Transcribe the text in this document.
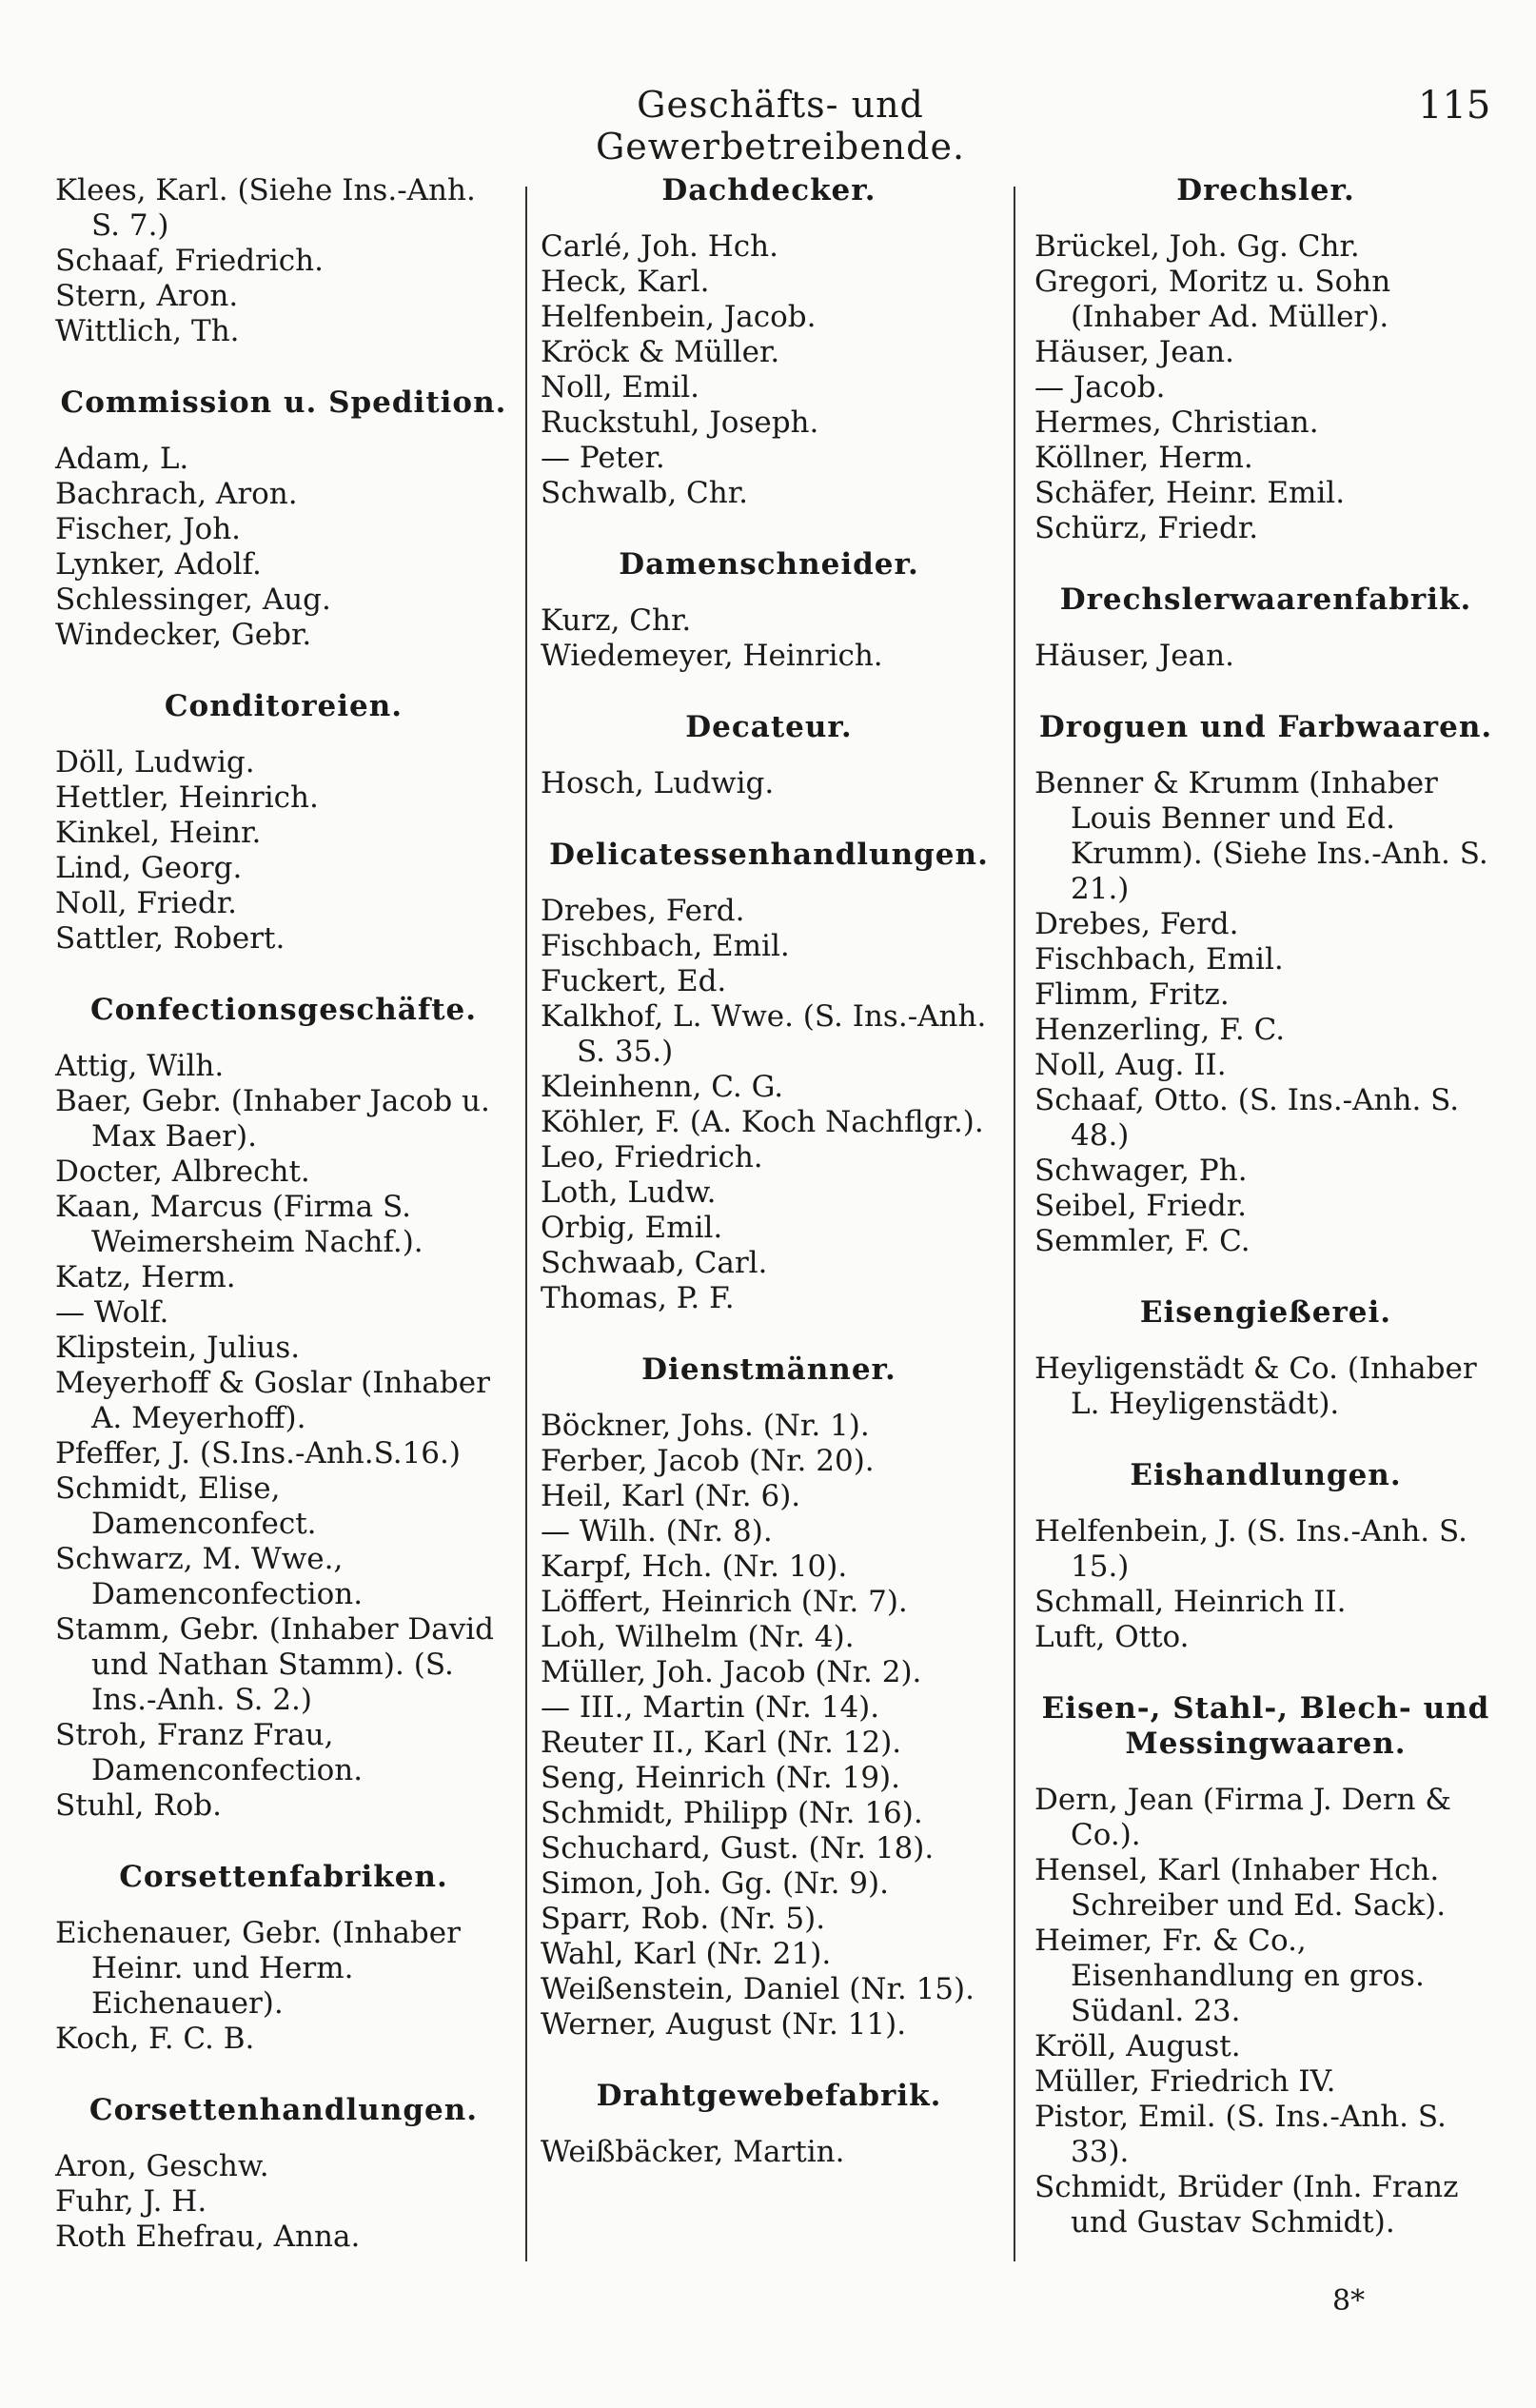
Geschäfts- und Gewerbetreibende.
115
Klees, Karl. (Siehe Ins.-Anh. S. 7.)
Schaaf, Friedrich.
Stern, Aron.
Wittlich, Th.
Commission u. Spedition.
Adam, L.
Bachrach, Aron.
Fischer, Joh.
Lynker, Adolf.
Schlessinger, Aug.
Windecker, Gebr.
Conditoreien.
Döll, Ludwig.
Hettler, Heinrich.
Kinkel, Heinr.
Lind, Georg.
Noll, Friedr.
Sattler, Robert.
Confectionsgeschäfte.
Attig, Wilh.
Baer, Gebr. (Inhaber Jacob u. Max Baer).
Docter, Albrecht.
Kaan, Marcus (Firma S. Weimersheim Nachf.).
Katz, Herm.
— Wolf.
Klipstein, Julius.
Meyerhoff & Goslar (Inhaber A. Meyerhoff).
Pfeffer, J. (S.Ins.-Anh.S.16.)
Schmidt, Elise, Damenconfect.
Schwarz, M. Wwe., Damenconfection.
Stamm, Gebr. (Inhaber David und Nathan Stamm). (S. Ins.-Anh. S. 2.)
Stroh, Franz Frau, Damenconfection.
Stuhl, Rob.
Corsettenfabriken.
Eichenauer, Gebr. (Inhaber Heinr. und Herm. Eichenauer).
Koch, F. C. B.
Corsettenhandlungen.
Aron, Geschw.
Fuhr, J. H.
Roth Ehefrau, Anna.
Dachdecker.
Carlé, Joh. Hch.
Heck, Karl.
Helfenbein, Jacob.
Kröck & Müller.
Noll, Emil.
Ruckstuhl, Joseph.
— Peter.
Schwalb, Chr.
Damenschneider.
Kurz, Chr.
Wiedemeyer, Heinrich.
Decateur.
Hosch, Ludwig.
Delicatessenhandlungen.
Drebes, Ferd.
Fischbach, Emil.
Fuckert, Ed.
Kalkhof, L. Wwe. (S. Ins.-Anh. S. 35.)
Kleinhenn, C. G.
Köhler, F. (A. Koch Nachflgr.).
Leo, Friedrich.
Loth, Ludw.
Orbig, Emil.
Schwaab, Carl.
Thomas, P. F.
Dienstmänner.
Böckner, Johs. (Nr. 1).
Ferber, Jacob (Nr. 20).
Heil, Karl (Nr. 6).
— Wilh. (Nr. 8).
Karpf, Hch. (Nr. 10).
Löffert, Heinrich (Nr. 7).
Loh, Wilhelm (Nr. 4).
Müller, Joh. Jacob (Nr. 2).
— III., Martin (Nr. 14).
Reuter II., Karl (Nr. 12).
Seng, Heinrich (Nr. 19).
Schmidt, Philipp (Nr. 16).
Schuchard, Gust. (Nr. 18).
Simon, Joh. Gg. (Nr. 9).
Sparr, Rob. (Nr. 5).
Wahl, Karl (Nr. 21).
Weißenstein, Daniel (Nr. 15).
Werner, August (Nr. 11).
Drahtgewebefabrik.
Weißbäcker, Martin.
Drechsler.
Brückel, Joh. Gg. Chr.
Gregori, Moritz u. Sohn (Inhaber Ad. Müller).
Häuser, Jean.
— Jacob.
Hermes, Christian.
Köllner, Herm.
Schäfer, Heinr. Emil.
Schürz, Friedr.
Drechslerwaarenfabrik.
Häuser, Jean.
Droguen und Farbwaaren.
Benner & Krumm (Inhaber Louis Benner und Ed. Krumm). (Siehe Ins.-Anh. S. 21.)
Drebes, Ferd.
Fischbach, Emil.
Flimm, Fritz.
Henzerling, F. C.
Noll, Aug. II.
Schaaf, Otto. (S. Ins.-Anh. S. 48.)
Schwager, Ph.
Seibel, Friedr.
Semmler, F. C.
Eisengießerei.
Heyligenstädt & Co. (Inhaber L. Heyligenstädt).
Eishandlungen.
Helfenbein, J. (S. Ins.-Anh. S. 15.)
Schmall, Heinrich II.
Luft, Otto.
Eisen-, Stahl-, Blech- und Messingwaaren.
Dern, Jean (Firma J. Dern & Co.).
Hensel, Karl (Inhaber Hch. Schreiber und Ed. Sack).
Heimer, Fr. & Co., Eisenhandlung en gros. Südanl. 23.
Kröll, August.
Müller, Friedrich IV.
Pistor, Emil. (S. Ins.-Anh. S. 33).
Schmidt, Brüder (Inh. Franz und Gustav Schmidt).
8*
